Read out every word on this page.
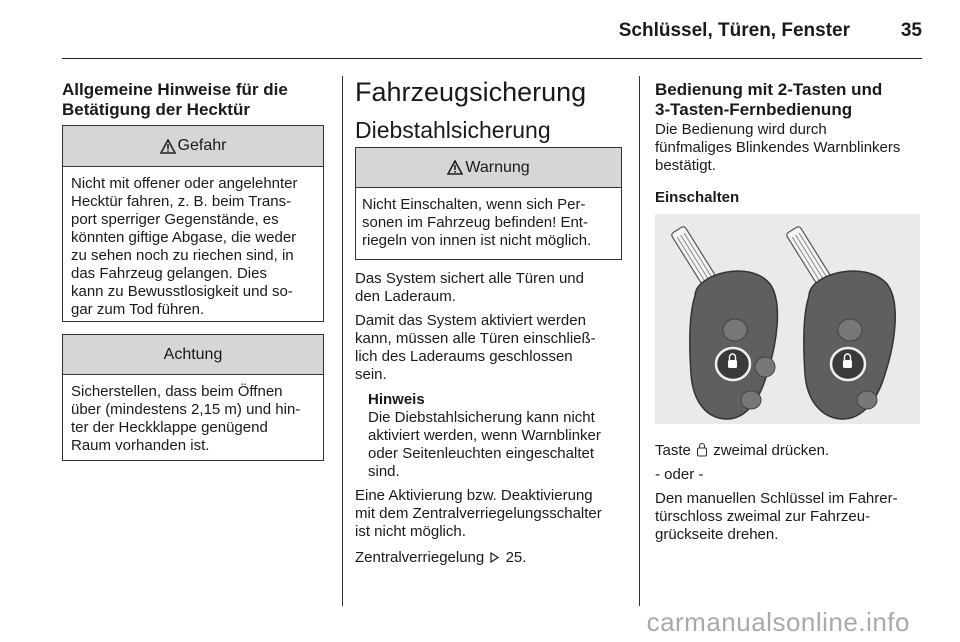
Schlüssel, Türen, Fenster	35
Allgemeine Hinweise für die
Betätigung der Hecktür
Gefahr
Nicht mit offener oder angelehnter
Hecktür fahren, z. B. beim Trans-
port sperriger Gegenstände, es
könnten giftige Abgase, die weder
zu sehen noch zu riechen sind, in
das Fahrzeug gelangen. Dies
kann zu Bewusstlosigkeit und so-
gar zum Tod führen.
Achtung
Sicherstellen, dass beim Öffnen
über (mindestens 2,15 m) und hin-
ter der Heckklappe genügend
Raum vorhanden ist.
Fahrzeugsicherung
Diebstahlsicherung
Warnung
Nicht Einschalten, wenn sich Per-
sonen im Fahrzeug befinden! Ent-
riegeln von innen ist nicht möglich.
Das System sichert alle Türen und
den Laderaum.
Damit das System aktiviert werden
kann, müssen alle Türen einschließ-
lich des Laderaums geschlossen
sein.
Hinweis
Die Diebstahlsicherung kann nicht
aktiviert werden, wenn Warnblinker
oder Seitenleuchten eingeschaltet
sind.
Eine Aktivierung bzw. Deaktivierung
mit dem Zentralverriegelungsschalter
ist nicht möglich.
Zentralverriegelung 25.
Bedienung mit 2-Tasten und
3-Tasten-Fernbedienung
Die Bedienung wird durch
fünfmaliges Blinkendes Warnblinkers
bestätigt.
Einschalten
Taste zweimal drücken.
- oder -
Den manuellen Schlüssel im Fahrer-
türschloss zweimal zur Fahrzeu-
grückseite drehen.
carmanualsonline.info
